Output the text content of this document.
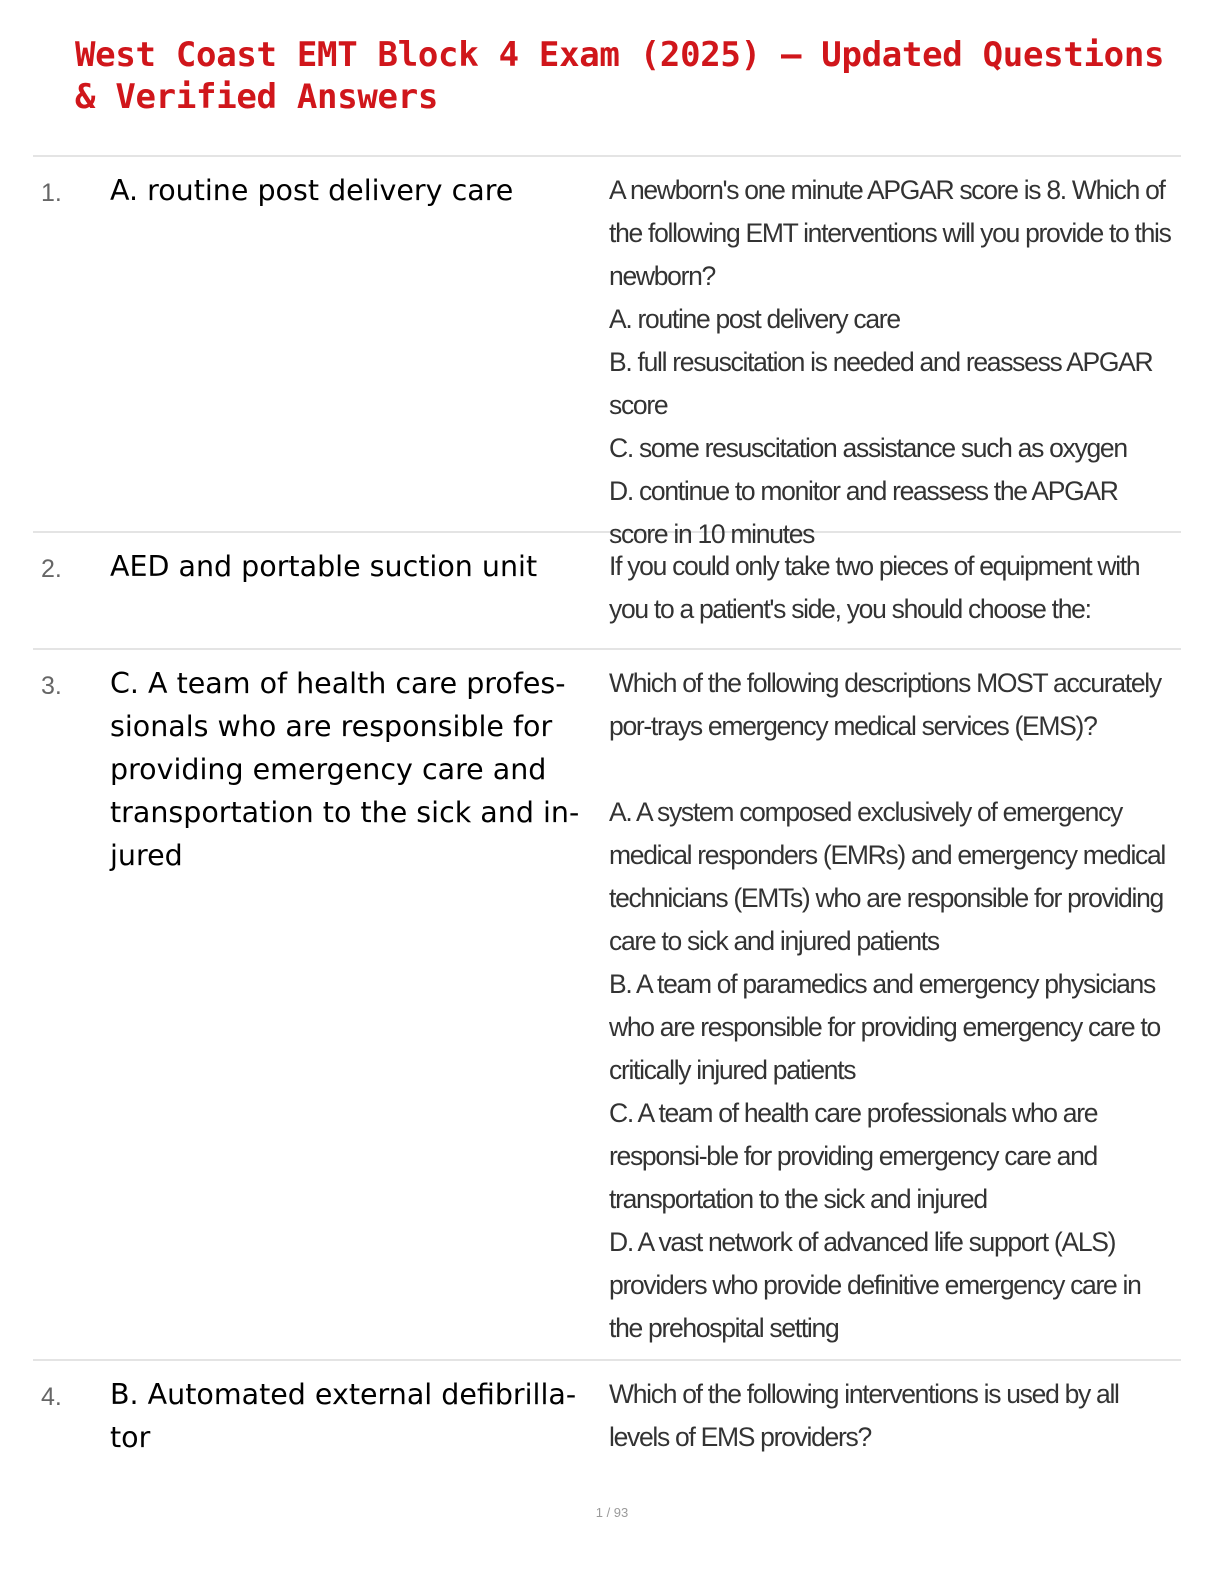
West Coast EMT Block 4 Exam (2025) – Updated Questions
& Verified Answers
1. A. routine post delivery care	A newborn's one minute APGAR score is 8. Which of the following EMT interventions will you provide to this newborn?
A. routine post delivery care
B. full resuscitation is needed and reassess APGAR score
C. some resuscitation assistance such as oxygen
D. continue to monitor and reassess the APGAR score in 10 minutes
2. AED and portable suction unit	If you could only take two pieces of equipment with you to a patient's side, you should choose the:
3. C. A team of health care profes-sionals who are responsible for providing emergency care and transportation to the sick and in-jured
Which of the following descriptions MOST accurately por-trays emergency medical services (EMS)?

A. A system composed exclusively of emergency medical responders (EMRs) and emergency medical technicians (EMTs) who are responsible for providing care to sick and injured patients
B. A team of paramedics and emergency physicians who are responsible for providing emergency care to critically injured patients
C. A team of health care professionals who are responsi-ble for providing emergency care and transportation to the sick and injured
D. A vast network of advanced life support (ALS) providers who provide definitive emergency care in the prehospital setting
4. B. Automated external defibrilla-tor
Which of the following interventions is used by all levels of EMS providers?
1 / 93
